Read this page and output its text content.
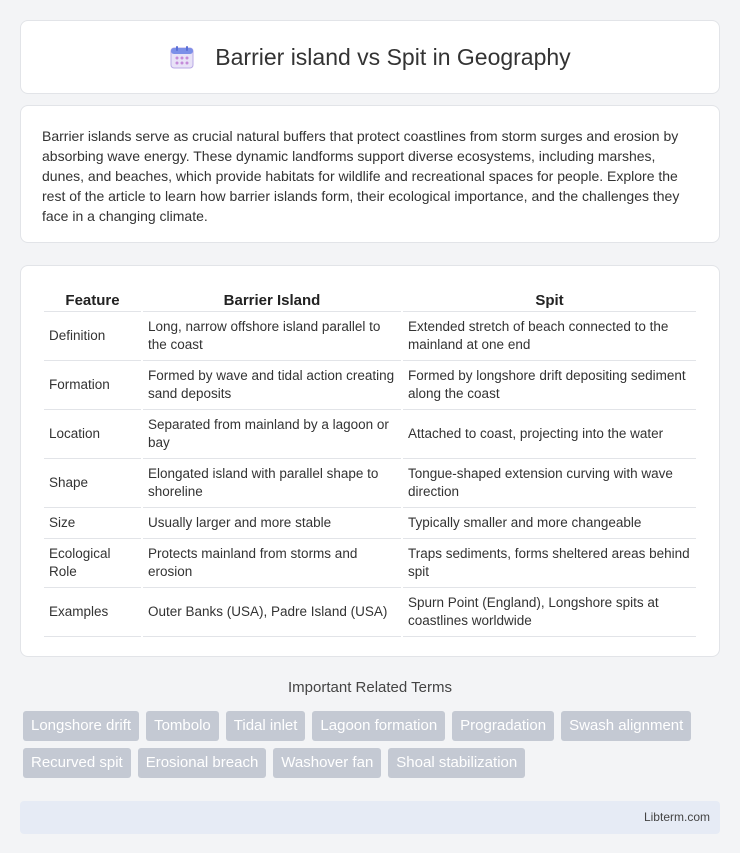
Barrier island vs Spit in Geography

Barrier islands serve as crucial natural buffers that protect coastlines from storm surges and erosion by absorbing wave energy. These dynamic landforms support diverse ecosystems, including marshes, dunes, and beaches, which provide habitats for wildlife and recreational spaces for people. Explore the rest of the article to learn how barrier islands form, their ecological importance, and the challenges they face in a changing climate.

Feature	Barrier Island	Spit
Definition	Long, narrow offshore island parallel to the coast	Extended stretch of beach connected to the mainland at one end
Formation	Formed by wave and tidal action creating sand deposits	Formed by longshore drift depositing sediment along the coast
Location	Separated from mainland by a lagoon or bay	Attached to coast, projecting into the water
Shape	Elongated island with parallel shape to shoreline	Tongue-shaped extension curving with wave direction
Size	Usually larger and more stable	Typically smaller and more changeable
Ecological Role	Protects mainland from storms and erosion	Traps sediments, forms sheltered areas behind spit
Examples	Outer Banks (USA), Padre Island (USA)	Spurn Point (England), Longshore spits at coastlines worldwide
Important Related Terms
Longshore drift	Tombolo	Tidal inlet	Lagoon formation	Progradation	Swash alignment
Recurved spit	Erosional breach	Washover fan	Shoal stabilization
Libterm.com
